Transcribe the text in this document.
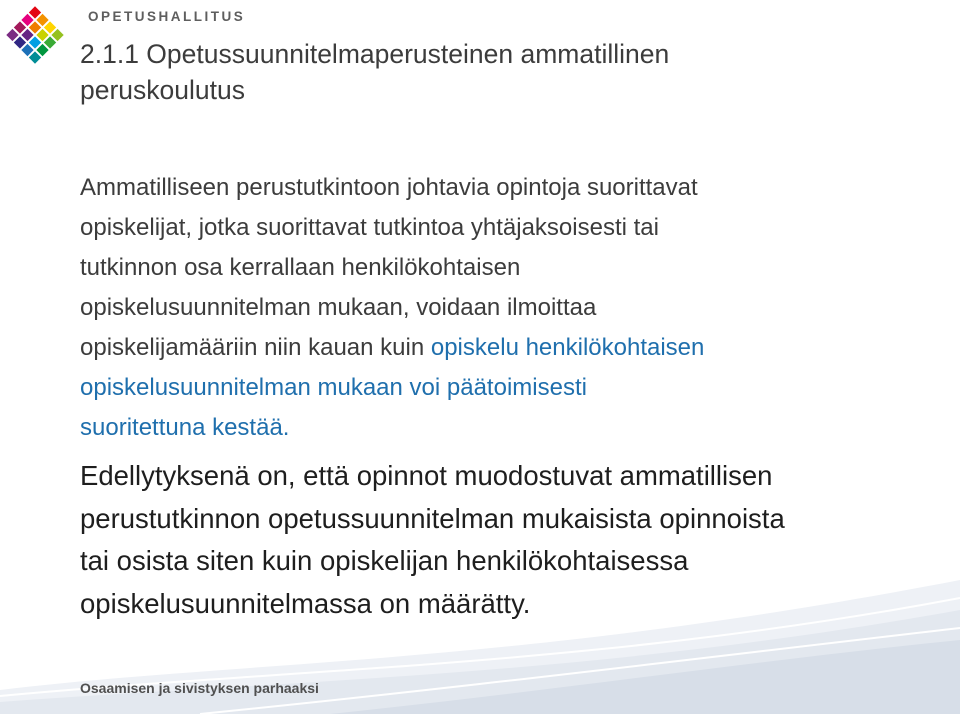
OPETUSHALLITUS
2.1.1 Opetussuunnitelmaperusteinen ammatillinen
peruskoulutus

Ammatilliseen perustutkintoon johtavia opintoja suorittavat
opiskelijat, jotka suorittavat tutkintoa yhtäjaksoisesti tai
tutkinnon osa kerrallaan henkilökohtaisen
opiskelusuunnitelman mukaan, voidaan ilmoittaa
opiskelijamääriin niin kauan kuin opiskelu henkilökohtaisen
opiskelusuunnitelman mukaan voi päätoimisesti
suoritettuna kestää.

Edellytyksenä on, että opinnot muodostuvat ammatillisen
perustutkinnon opetussuunnitelman mukaisista opinnoista
tai osista siten kuin opiskelijan henkilökohtaisessa
opiskelusuunnitelmassa on määrätty.

Osaamisen ja sivistyksen parhaaksi
